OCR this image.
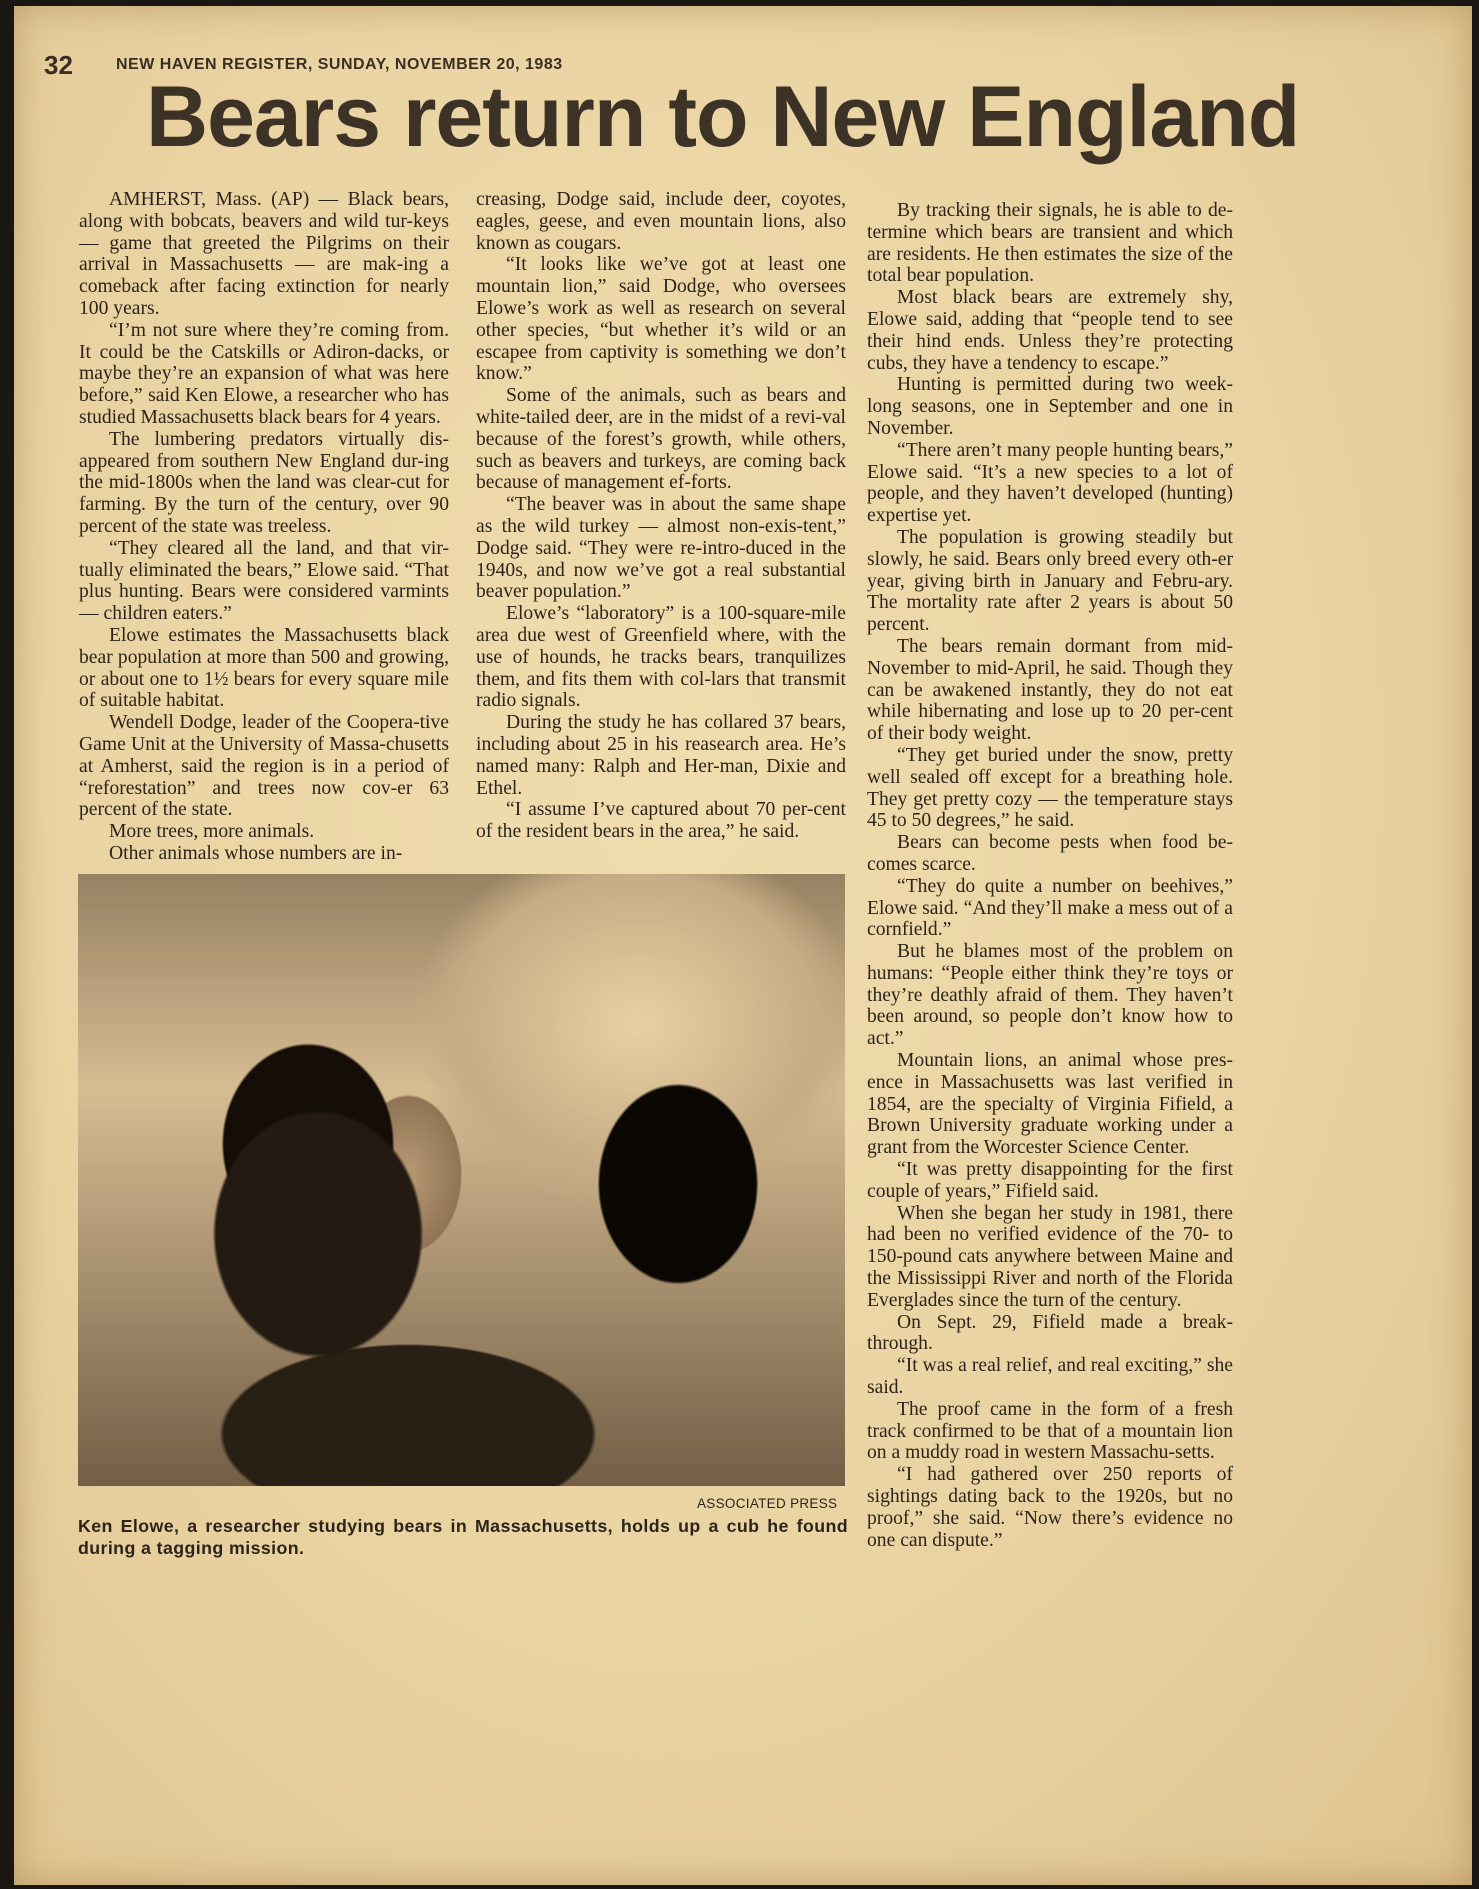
32	NEW HAVEN REGISTER, SUNDAY, NOVEMBER 20, 1983
Bears return to New England

AMHERST, Mass. (AP) — Black bears, along with bobcats, beavers and wild tur-keys — game that greeted the Pilgrims on their arrival in Massachusetts — are mak-ing a comeback after facing extinction for nearly 100 years.

“I’m not sure where they’re coming from. It could be the Catskills or Adiron-dacks, or maybe they’re an expansion of what was here before,” said Ken Elowe, a researcher who has studied Massachusetts black bears for 4 years.

The lumbering predators virtually dis-appeared from southern New England dur-ing the mid-1800s when the land was clear-cut for farming. By the turn of the century, over 90 percent of the state was treeless.

“They cleared all the land, and that vir-tually eliminated the bears,” Elowe said. “That plus hunting. Bears were considered varmints — children eaters.”

Elowe estimates the Massachusetts black bear population at more than 500 and growing, or about one to 1½ bears for every square mile of suitable habitat.

Wendell Dodge, leader of the Coopera-tive Game Unit at the University of Massa-chusetts at Amherst, said the region is in a period of “reforestation” and trees now cov-er 63 percent of the state.

More trees, more animals.

Other animals whose numbers are in-

creasing, Dodge said, include deer, coyotes, eagles, geese, and even mountain lions, also known as cougars.

“It looks like we’ve got at least one mountain lion,” said Dodge, who oversees Elowe’s work as well as research on several other species, “but whether it’s wild or an escapee from captivity is something we don’t know.”

Some of the animals, such as bears and white-tailed deer, are in the midst of a revi-val because of the forest’s growth, while others, such as beavers and turkeys, are coming back because of management ef-forts.

“The beaver was in about the same shape as the wild turkey — almost non-exis-tent,” Dodge said. “They were re-intro-duced in the 1940s, and now we’ve got a real substantial beaver population.”

Elowe’s “laboratory” is a 100-square-mile area due west of Greenfield where, with the use of hounds, he tracks bears, tranquilizes them, and fits them with col-lars that transmit radio signals.

During the study he has collared 37 bears, including about 25 in his reasearch area. He’s named many: Ralph and Her-man, Dixie and Ethel.

“I assume I’ve captured about 70 per-cent of the resident bears in the area,” he said.

By tracking their signals, he is able to de-termine which bears are transient and which are residents. He then estimates the size of the total bear population.

Most black bears are extremely shy, Elowe said, adding that “people tend to see their hind ends. Unless they’re protecting cubs, they have a tendency to escape.”

Hunting is permitted during two week-long seasons, one in September and one in November.

“There aren’t many people hunting bears,” Elowe said. “It’s a new species to a lot of people, and they haven’t developed (hunting) expertise yet.

The population is growing steadily but slowly, he said. Bears only breed every oth-er year, giving birth in January and Febru-ary. The mortality rate after 2 years is about 50 percent.

The bears remain dormant from mid-November to mid-April, he said. Though they can be awakened instantly, they do not eat while hibernating and lose up to 20 per-cent of their body weight.

“They get buried under the snow, pretty well sealed off except for a breathing hole. They get pretty cozy — the temperature stays 45 to 50 degrees,” he said.

Bears can become pests when food be-comes scarce.

“They do quite a number on beehives,” Elowe said. “And they’ll make a mess out of a cornfield.”

But he blames most of the problem on humans: “People either think they’re toys or they’re deathly afraid of them. They haven’t been around, so people don’t know how to act.”

Mountain lions, an animal whose pres-ence in Massachusetts was last verified in 1854, are the specialty of Virginia Fifield, a Brown University graduate working under a grant from the Worcester Science Center.

“It was pretty disappointing for the first couple of years,” Fifield said.

When she began her study in 1981, there had been no verified evidence of the 70- to 150-pound cats anywhere between Maine and the Mississippi River and north of the Florida Everglades since the turn of the century.

On Sept. 29, Fifield made a break-through.

“It was a real relief, and real exciting,” she said.

The proof came in the form of a fresh track confirmed to be that of a mountain lion on a muddy road in western Massachu-setts.

“I had gathered over 250 reports of sightings dating back to the 1920s, but no proof,” she said. “Now there’s evidence no one can dispute.”

ASSOCIATED PRESS
Ken Elowe, a researcher studying bears in Massachusetts, holds up a cub he found during a tagging mission.
